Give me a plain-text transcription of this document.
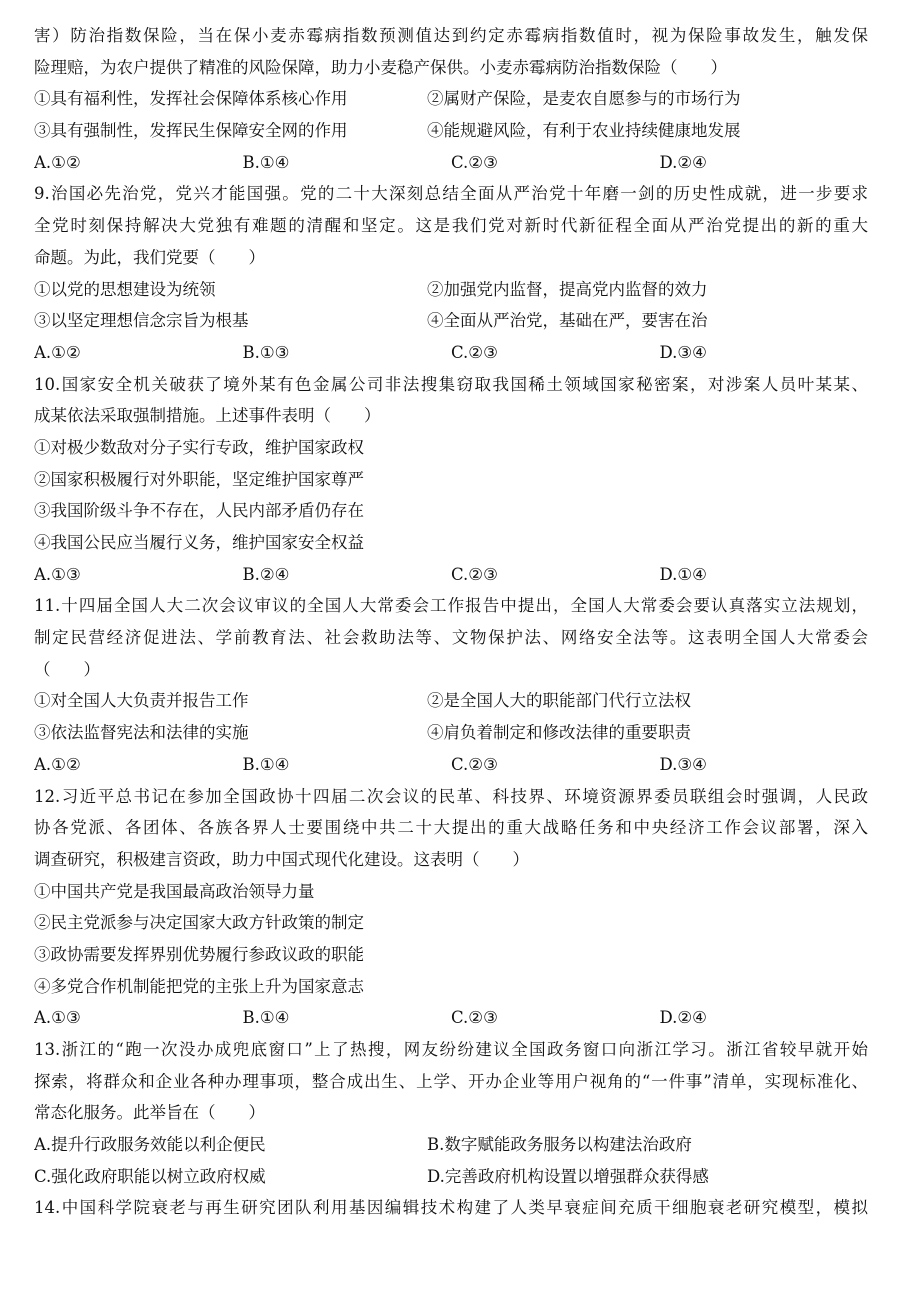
害）防治指数保险，当在保小麦赤霉病指数预测值达到约定赤霉病指数值时，视为保险事故发生，触发保
险理赔，为农户提供了精准的风险保障，助力小麦稳产保供。小麦赤霉病防治指数保险（　　）
①具有福利性，发挥社会保障体系核心作用	②属财产保险，是麦农自愿参与的市场行为
③具有强制性，发挥民生保障安全网的作用	④能规避风险，有利于农业持续健康地发展
A.①②	B.①④	C.②③	D.②④
9.治国必先治党，党兴才能国强。党的二十大深刻总结全面从严治党十年磨一剑的历史性成就，进一步要求
全党时刻保持解决大党独有难题的清醒和坚定。这是我们党对新时代新征程全面从严治党提出的新的重大
命题。为此，我们党要（　　）
①以党的思想建设为统领	②加强党内监督，提高党内监督的效力
③以坚定理想信念宗旨为根基	④全面从严治党，基础在严，要害在治
A.①②	B.①③	C.②③	D.③④
10.国家安全机关破获了境外某有色金属公司非法搜集窃取我国稀土领域国家秘密案，对涉案人员叶某某、
成某依法采取强制措施。上述事件表明（　　）
①对极少数敌对分子实行专政，维护国家政权
②国家积极履行对外职能，坚定维护国家尊严
③我国阶级斗争不存在，人民内部矛盾仍存在
④我国公民应当履行义务，维护国家安全权益
A.①③	B.②④	C.②③	D.①④
11.十四届全国人大二次会议审议的全国人大常委会工作报告中提出，全国人大常委会要认真落实立法规划，
制定民营经济促进法、学前教育法、社会救助法等、文物保护法、网络安全法等。这表明全国人大常委会
（　　）
①对全国人大负责并报告工作	②是全国人大的职能部门代行立法权
③依法监督宪法和法律的实施	④肩负着制定和修改法律的重要职责
A.①②	B.①④	C.②③	D.③④
12.习近平总书记在参加全国政协十四届二次会议的民革、科技界、环境资源界委员联组会时强调，人民政
协各党派、各团体、各族各界人士要围绕中共二十大提出的重大战略任务和中央经济工作会议部署，深入
调查研究，积极建言资政，助力中国式现代化建设。这表明（　　）
①中国共产党是我国最高政治领导力量
②民主党派参与决定国家大政方针政策的制定
③政协需要发挥界别优势履行参政议政的职能
④多党合作机制能把党的主张上升为国家意志
A.①③	B.①④	C.②③	D.②④
13.浙江的“跑一次没办成兜底窗口”上了热搜，网友纷纷建议全国政务窗口向浙江学习。浙江省较早就开始
探索，将群众和企业各种办理事项，整合成出生、上学、开办企业等用户视角的“一件事”清单，实现标准化、
常态化服务。此举旨在（　　）
A.提升行政服务效能以利企便民	B.数字赋能政务服务以构建法治政府
C.强化政府职能以树立政府权威	D.完善政府机构设置以增强群众获得感
14.中国科学院衰老与再生研究团队利用基因编辑技术构建了人类早衰症间充质干细胞衰老研究模型，模拟
